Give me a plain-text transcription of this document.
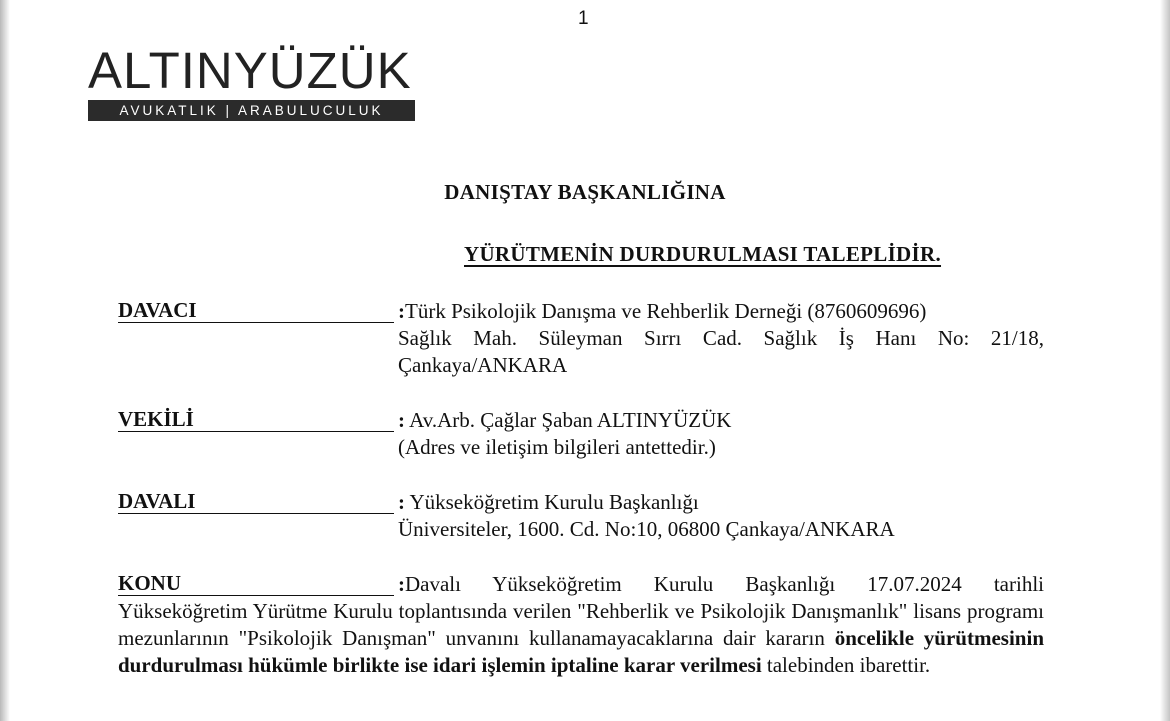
1
ALTINYÜZÜK
AVUKATLIK | ARABULUCULUK
DANIŞTAY BAŞKANLIĞINA
YÜRÜTMENİN DURDURULMASI TALEPLİDİR.
DAVACI	:Türk Psikolojik Danışma ve Rehberlik Derneği (8760609696)
Sağlık Mah. Süleyman Sırrı Cad. Sağlık İş Hanı No: 21/18, Çankaya/ANKARA
VEKİLİ	: Av.Arb. Çağlar Şaban ALTINYÜZÜK
(Adres ve iletişim bilgileri antettedir.)
DAVALI	: Yükseköğretim Kurulu Başkanlığı
Üniversiteler, 1600. Cd. No:10, 06800 Çankaya/ANKARA
KONU	:Davalı Yükseköğretim Kurulu Başkanlığı 17.07.2024 tarihli
Yükseköğretim Yürütme Kurulu toplantısında verilen "Rehberlik ve Psikolojik Danışmanlık" lisans programı mezunlarının "Psikolojik Danışman" unvanını kullanamayacaklarına dair kararın öncelikle yürütmesinin durdurulması hükümle birlikte ise idari işlemin iptaline karar verilmesi talebinden ibarettir.
